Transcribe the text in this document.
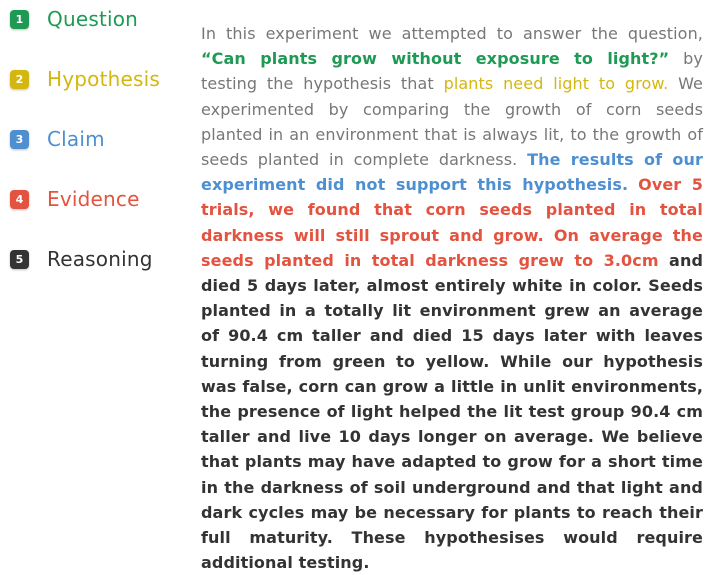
1 Question
2 Hypothesis
3 Claim
4 Evidence
5 Reasoning

In this experiment we attempted to answer the question, “Can plants grow without exposure to light?” by testing the hypothesis that plants need light to grow. We experimented by comparing the growth of corn seeds planted in an environment that is always lit, to the growth of seeds planted in complete darkness. The results of our experiment did not support this hypothesis. Over 5 trials, we found that corn seeds planted in total darkness will still sprout and grow. On average the seeds planted in total darkness grew to 3.0cm and died 5 days later, almost entirely white in color. Seeds planted in a totally lit environment grew an average of 90.4 cm taller and died 15 days later with leaves turning from green to yellow. While our hypothesis was false, corn can grow a little in unlit environments, the presence of light helped the lit test group 90.4 cm taller and live 10 days longer on average. We believe that plants may have adapted to grow for a short time in the darkness of soil underground and that light and dark cycles may be necessary for plants to reach their full maturity. These hypothesises would require additional testing.
